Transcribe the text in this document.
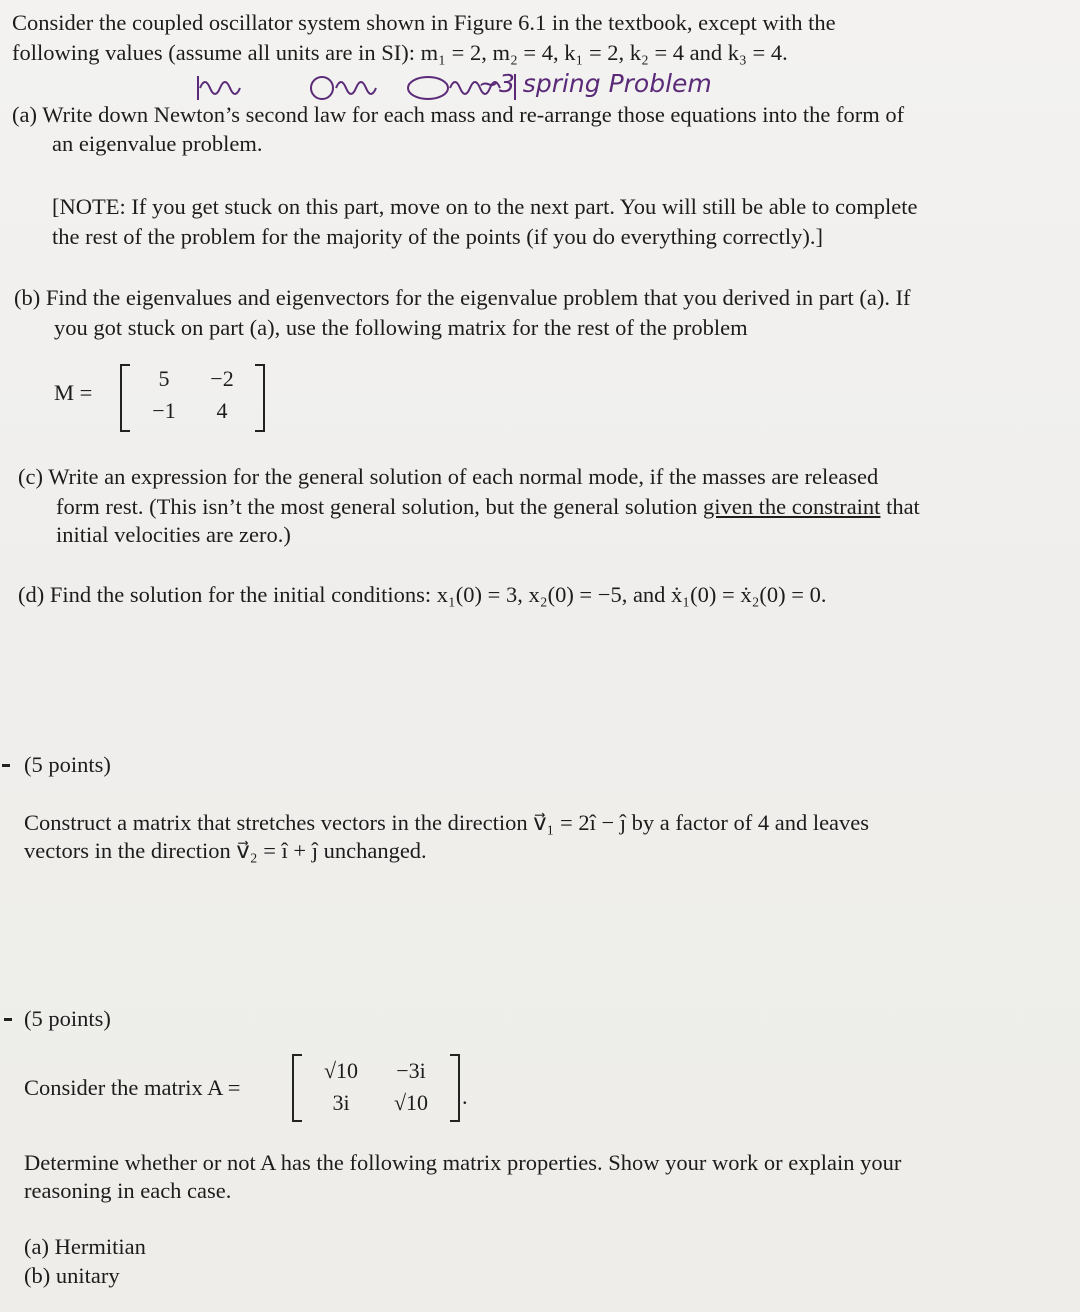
Consider the coupled oscillator system shown in Figure 6.1 in the textbook, except with the
following values (assume all units are in SI): m₁ = 2, m₂ = 4, k₁ = 2, k₂ = 4 and k₃ = 4.
~3 spring Problem
(a) Write down Newton’s second law for each mass and re-arrange those equations into the form of
an eigenvalue problem.
[NOTE: If you get stuck on this part, move on to the next part. You will still be able to complete
the rest of the problem for the majority of the points (if you do everything correctly).]
(b) Find the eigenvalues and eigenvectors for the eigenvalue problem that you derived in part (a). If
you got stuck on part (a), use the following matrix for the rest of the problem
M =
5	−2
−1	4
(c) Write an expression for the general solution of each normal mode, if the masses are released
form rest. (This isn’t the most general solution, but the general solution given the constraint that
initial velocities are zero.)
(d) Find the solution for the initial conditions: x₁(0) = 3, x₂(0) = −5, and ẋ₁(0) = ẋ₂(0) = 0.
(5 points)
Construct a matrix that stretches vectors in the direction v⃗₁ = 2î − ĵ by a factor of 4 and leaves
vectors in the direction v⃗₂ = î + ĵ unchanged.
(5 points)
Consider the matrix A =
√10	−3i
3i	√10	.
Determine whether or not A has the following matrix properties. Show your work or explain your
reasoning in each case.
(a) Hermitian
(b) unitary
